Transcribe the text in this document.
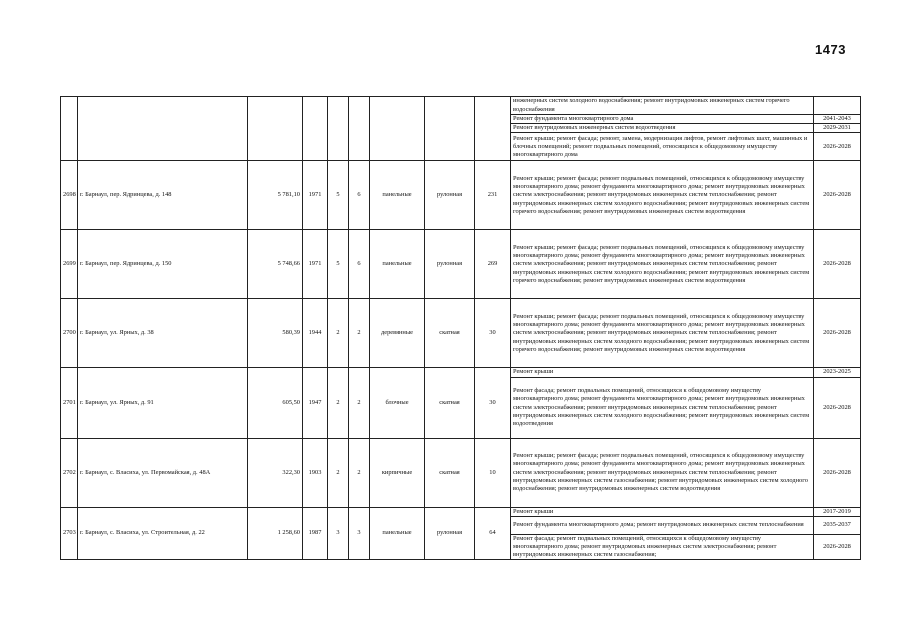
1473
									инженерных систем холодного водоснабжения; ремонт внутридомовых инженерных систем горячего водоснабжения	
									Ремонт фундамента многоквартирного дома	2041-2043
									Ремонт внутридомовых инженерных систем водоотведения	2029-2031
									Ремонт крыши; ремонт фасада; ремонт, замена, модернизация лифтов, ремонт лифтовых шахт, машинных и блочных помещений; ремонт подвальных помещений, относящихся к общедомовому имуществу многоквартирного дома	2026-2028
2698	г. Барнаул, пер. Ядринцева, д. 148	5 781,10	1971	5	6	панельные	рулонная	231	Ремонт крыши; ремонт фасада; ремонт подвальных помещений, относящихся к общедомовому имуществу многоквартирного дома; ремонт фундамента многоквартирного дома; ремонт внутридомовых инженерных систем электроснабжения; ремонт внутридомовых инженерных систем теплоснабжения; ремонт внутридомовых инженерных систем холодного водоснабжения; ремонт внутридомовых инженерных систем горячего водоснабжения; ремонт внутридомовых инженерных систем водоотведения	2026-2028
2699	г. Барнаул, пер. Ядринцева, д. 150	5 748,66	1971	5	6	панельные	рулонная	269	Ремонт крыши; ремонт фасада; ремонт подвальных помещений, относящихся к общедомовому имуществу многоквартирного дома; ремонт фундамента многоквартирного дома; ремонт внутридомовых инженерных систем электроснабжения; ремонт внутридомовых инженерных систем теплоснабжения; ремонт внутридомовых инженерных систем холодного водоснабжения; ремонт внутридомовых инженерных систем горячего водоснабжения; ремонт внутридомовых инженерных систем водоотведения	2026-2028
2700	г. Барнаул, ул. Ярных, д. 38	580,39	1944	2	2	деревянные	скатная	30	Ремонт крыши; ремонт фасада; ремонт подвальных помещений, относящихся к общедомовому имуществу многоквартирного дома; ремонт фундамента многоквартирного дома; ремонт внутридомовых инженерных систем электроснабжения; ремонт внутридомовых инженерных систем теплоснабжения; ремонт внутридомовых инженерных систем холодного водоснабжения; ремонт внутридомовых инженерных систем горячего водоснабжения; ремонт внутридомовых инженерных систем водоотведения	2026-2028
2701	г. Барнаул, ул. Ярных, д. 91	605,50	1947	2	2	блочные	скатная	30	Ремонт крыши	2023-2025
									Ремонт фасада; ремонт подвальных помещений, относящихся к общедомовому имуществу многоквартирного дома; ремонт фундамента многоквартирного дома; ремонт внутридомовых инженерных систем электроснабжения; ремонт внутридомовых инженерных систем теплоснабжения; ремонт внутридомовых инженерных систем холодного водоснабжения; ремонт внутридомовых инженерных систем водоотведения	2026-2028
2702	г. Барнаул, с. Власиха, ул. Первомайская, д. 48А	322,30	1903	2	2	кирпичные	скатная	10	Ремонт крыши; ремонт фасада; ремонт подвальных помещений, относящихся к общедомовому имуществу многоквартирного дома; ремонт фундамента многоквартирного дома; ремонт внутридомовых инженерных систем электроснабжения; ремонт внутридомовых инженерных систем теплоснабжения; ремонт внутридомовых инженерных систем газоснабжения; ремонт внутридомовых инженерных систем холодного водоснабжения; ремонт внутридомовых инженерных систем водоотведения	2026-2028
2703	г. Барнаул, с. Власиха, ул. Строительная, д. 22	1 258,60	1987	3	3	панельные	рулонная	64	Ремонт крыши	2017-2019
									Ремонт фундамента многоквартирного дома; ремонт внутридомовых инженерных систем теплоснабжения	2035-2037
									Ремонт фасада; ремонт подвальных помещений, относящихся к общедомовому имуществу многоквартирного дома; ремонт внутридомовых инженерных систем электроснабжения; ремонт внутридомовых инженерных систем газоснабжения;	2026-2028
